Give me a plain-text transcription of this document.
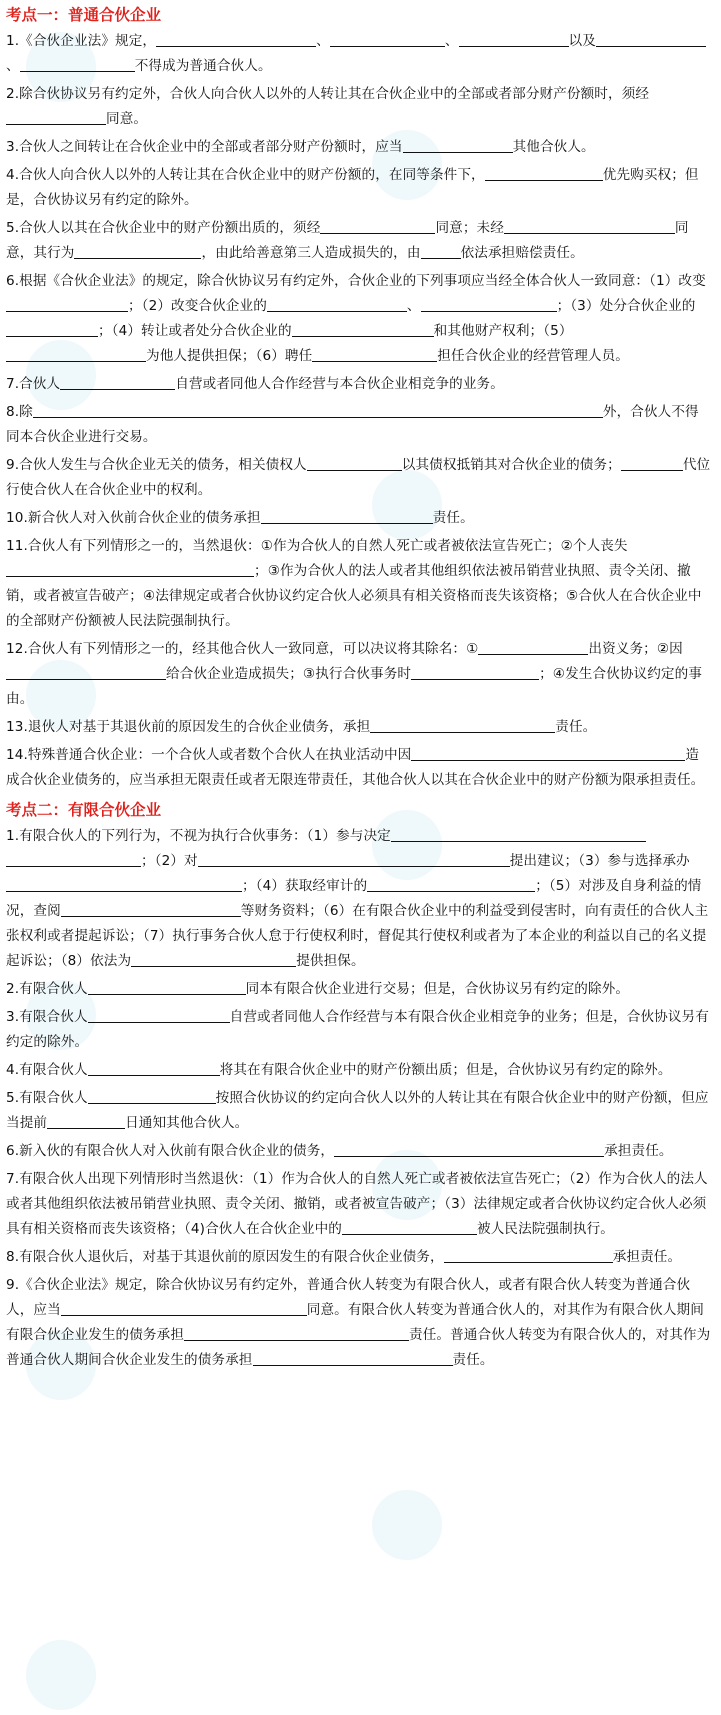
考点一：普通合伙企业
1.《合伙企业法》规定，	、	、	以及、	不得成为普通合伙人。
2.除合伙协议另有约定外，合伙人向合伙人以外的人转让其在合伙企业中的全部或者部分财产份额时，须经同意。
3.合伙人之间转让在合伙企业中的全部或者部分财产份额时，应当	其他合伙人。
4.合伙人向合伙人以外的人转让其在合伙企业中的财产份额的，在同等条件下，	优先购买权；但是，合伙协议另有约定的除外。
5.合伙人以其在合伙企业中的财产份额出质的，须经	同意；未经	同意，其行为	，由此给善意第三人造成损失的，由	依法承担赔偿责任。
6.根据《合伙企业法》的规定，除合伙协议另有约定外，合伙企业的下列事项应当经全体合伙人一致同意：（1）改变；（2）改变合伙企业的	、	；（3）处分合伙企业的；（4）转让或者处分合伙企业的	和其他财产权利；（5）为他人提供担保；（6）聘任	担任合伙企业的经营管理人员。
7.合伙人	自营或者同他人合作经营与本合伙企业相竞争的业务。
8.除	外，合伙人不得同本合伙企业进行交易。
9.合伙人发生与合伙企业无关的债务，相关债权人	以其债权抵销其对合伙企业的债务；	代位行使合伙人在合伙企业中的权利。
10.新合伙人对入伙前合伙企业的债务承担	责任。
11.合伙人有下列情形之一的，当然退伙：①作为合伙人的自然人死亡或者被依法宣告死亡；②个人丧失；③作为合伙人的法人或者其他组织依法被吊销营业执照、责令关闭、撤销，或者被宣告破产；④法律规定或者合伙协议约定合伙人必须具有相关资格而丧失该资格；⑤合伙人在合伙企业中的全部财产份额被人民法院强制执行。
12.合伙人有下列情形之一的，经其他合伙人一致同意，可以决议将其除名：①	出资义务；②因给合伙企业造成损失；③执行合伙事务时	；④发生合伙协议约定的事由。
13.退伙人对基于其退伙前的原因发生的合伙企业债务，承担	责任。
14.特殊普通合伙企业：一个合伙人或者数个合伙人在执业活动中因	造成合伙企业债务的，应当承担无限责任或者无限连带责任，其他合伙人以其在合伙企业中的财产份额为限承担责任。
考点二：有限合伙企业
1.有限合伙人的下列行为，不视为执行合伙事务：（1）参与决定；（2）对	提出建议；（3）参与选择承办；（4）获取经审计的	；（5）对涉及自身利益的情况，查阅	等财务资料；（6）在有限合伙企业中的利益受到侵害时，向有责任的合伙人主张权利或者提起诉讼；（7）执行事务合伙人怠于行使权利时，督促其行使权利或者为了本企业的利益以自己的名义提起诉讼；（8）依法为	提供担保。
2.有限合伙人	同本有限合伙企业进行交易；但是，合伙协议另有约定的除外。
3.有限合伙人	自营或者同他人合作经营与本有限合伙企业相竞争的业务；但是，合伙协议另有约定的除外。
4.有限合伙人	将其在有限合伙企业中的财产份额出质；但是，合伙协议另有约定的除外。
5.有限合伙人	按照合伙协议的约定向合伙人以外的人转让其在有限合伙企业中的财产份额，但应当提前	日通知其他合伙人。
6.新入伙的有限合伙人对入伙前有限合伙企业的债务，	承担责任。
7.有限合伙人出现下列情形时当然退伙：（1）作为合伙人的自然人死亡或者被依法宣告死亡；（2）作为合伙人的法人或者其他组织依法被吊销营业执照、责令关闭、撤销，或者被宣告破产；（3）法律规定或者合伙协议约定合伙人必须具有相关资格而丧失该资格；（4)合伙人在合伙企业中的	被人民法院强制执行。
8.有限合伙人退伙后，对基于其退伙前的原因发生的有限合伙企业债务，	承担责任。
9.《合伙企业法》规定，除合伙协议另有约定外，普通合伙人转变为有限合伙人，或者有限合伙人转变为普通合伙人，应当	同意。有限合伙人转变为普通合伙人的，对其作为有限合伙人期间有限合伙企业发生的债务承担	责任。普通合伙人转变为有限合伙人的，对其作为普通合伙人期间合伙企业发生的债务承担	责任。
